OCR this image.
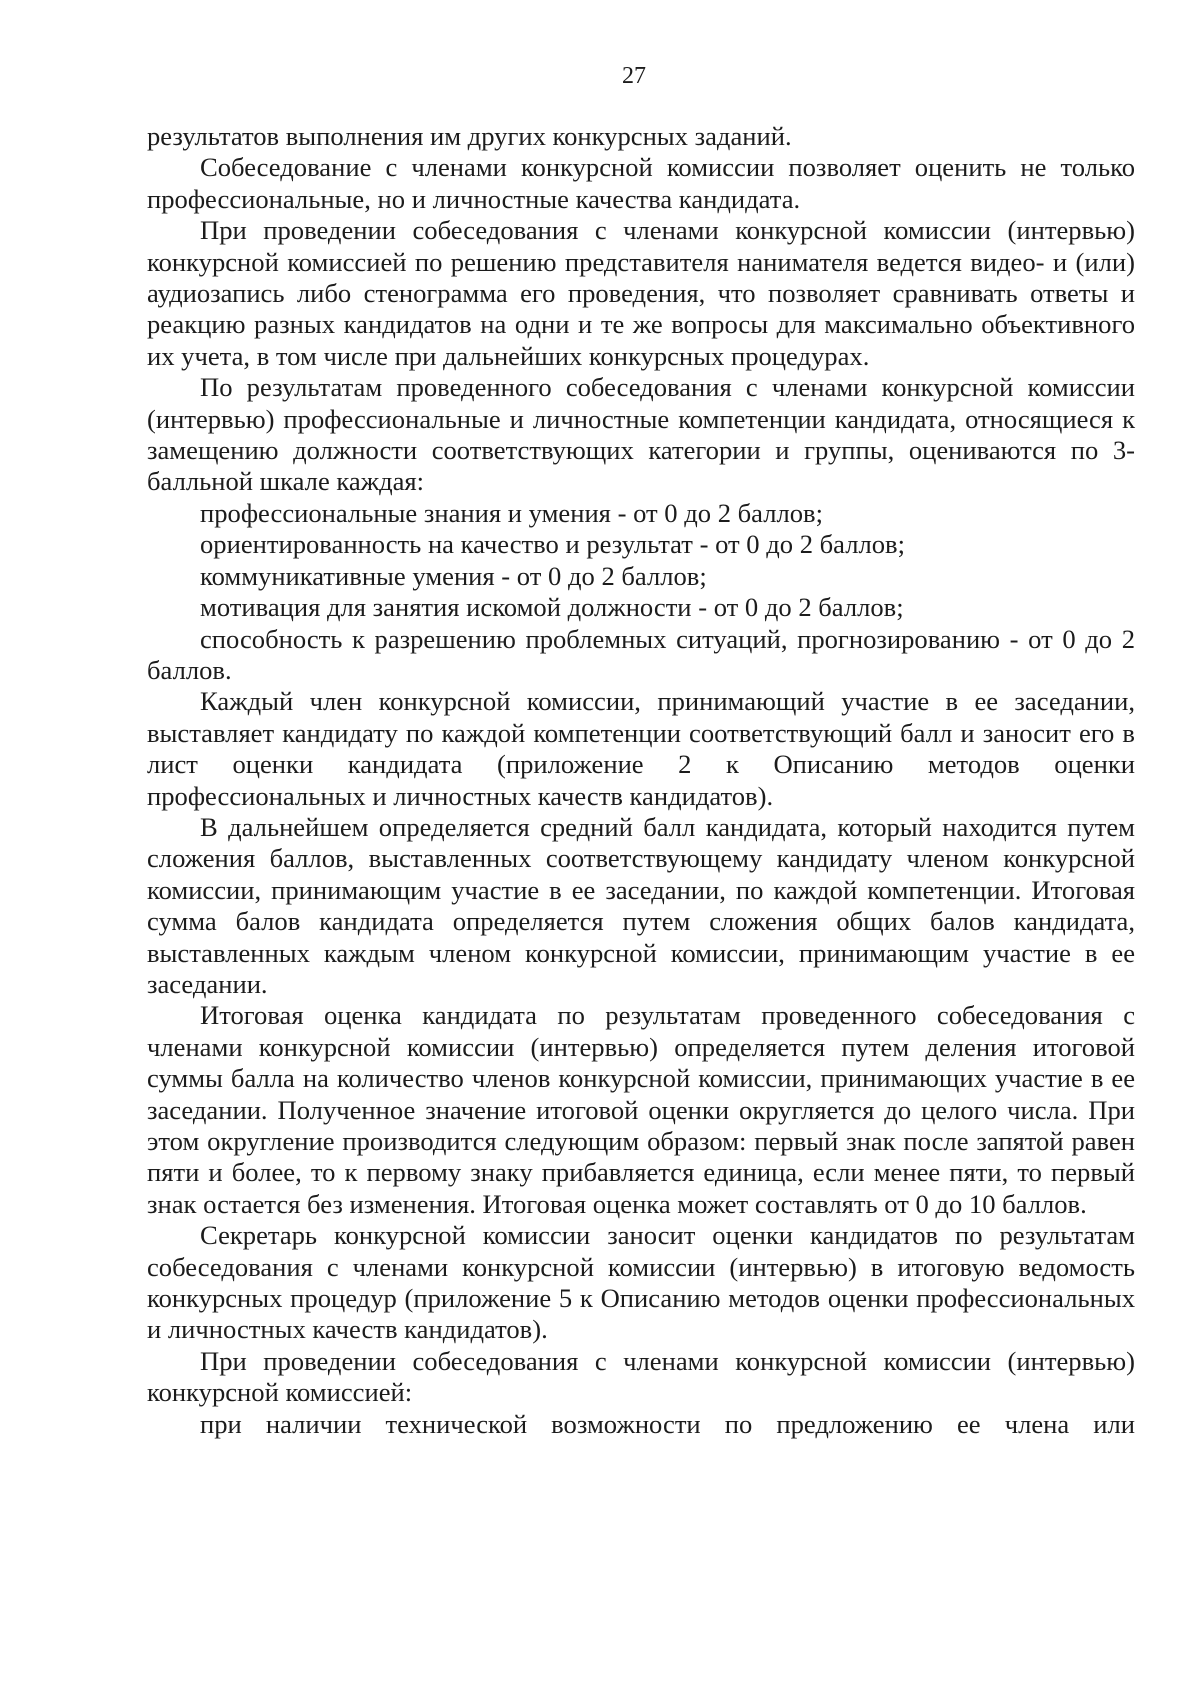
27

результатов выполнения им других конкурсных заданий.

Собеседование с членами конкурсной комиссии позволяет оценить не только профессиональные, но и личностные качества кандидата.

При проведении собеседования с членами конкурсной комиссии (интервью) конкурсной комиссией по решению представителя нанимателя ведется видео- и (или) аудиозапись либо стенограмма его проведения, что позволяет сравнивать ответы и реакцию разных кандидатов на одни и те же вопросы для максимально объективного их учета, в том числе при дальнейших конкурсных процедурах.

По результатам проведенного собеседования с членами конкурсной комиссии (интервью) профессиональные и личностные компетенции кандидата, относящиеся к замещению должности соответствующих категории и группы, оцениваются по 3-балльной шкале каждая:

профессиональные знания и умения - от 0 до 2 баллов;

ориентированность на качество и результат - от 0 до 2 баллов;

коммуникативные умения - от 0 до 2 баллов;

мотивация для занятия искомой должности - от 0 до 2 баллов;

способность к разрешению проблемных ситуаций, прогнозированию - от 0 до 2 баллов.

Каждый член конкурсной комиссии, принимающий участие в ее заседании, выставляет кандидату по каждой компетенции соответствующий балл и заносит его в лист оценки кандидата (приложение 2 к Описанию методов оценки профессиональных и личностных качеств кандидатов).

В дальнейшем определяется средний балл кандидата, который находится путем сложения баллов, выставленных соответствующему кандидату членом конкурсной комиссии, принимающим участие в ее заседании, по каждой компетенции. Итоговая сумма балов кандидата определяется путем сложения общих балов кандидата, выставленных каждым членом конкурсной комиссии, принимающим участие в ее заседании.

Итоговая оценка кандидата по результатам проведенного собеседования с членами конкурсной комиссии (интервью) определяется путем деления итоговой суммы балла на количество членов конкурсной комиссии, принимающих участие в ее заседании. Полученное значение итоговой оценки округляется до целого числа. При этом округление производится следующим образом: первый знак после запятой равен пяти и более, то к первому знаку прибавляется единица, если менее пяти, то первый знак остается без изменения. Итоговая оценка может составлять от 0 до 10 баллов.

Секретарь конкурсной комиссии заносит оценки кандидатов по результатам собеседования с членами конкурсной комиссии (интервью) в итоговую ведомость конкурсных процедур (приложение 5 к Описанию методов оценки профессиональных и личностных качеств кандидатов).

При проведении собеседования с членами конкурсной комиссии (интервью) конкурсной комиссией:

при наличии технической возможности по предложению ее члена или
